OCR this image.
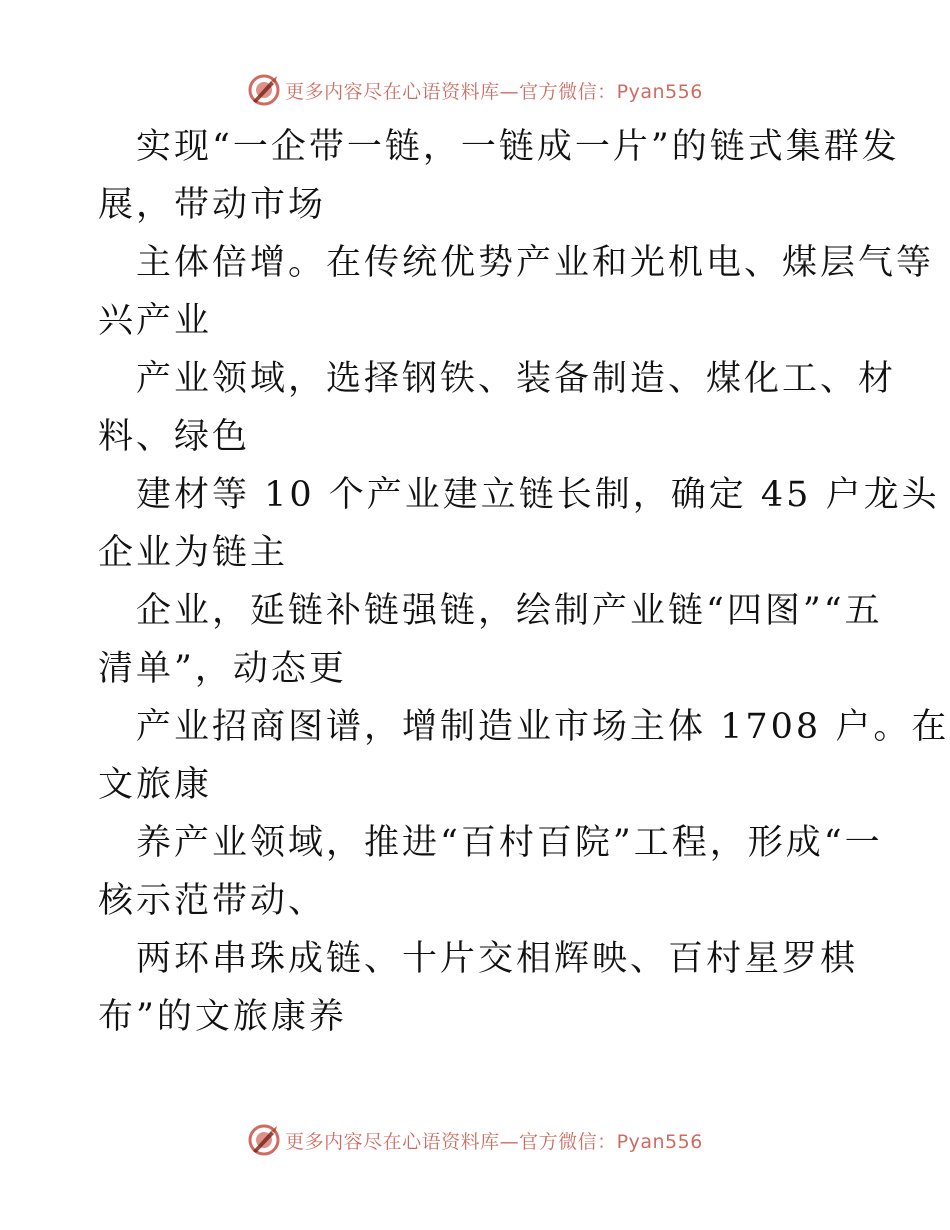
更多内容尽在心语资料库—官方微信：Pyan556
实现“一企带一链，一链成一片”的链式集群发
展，带动市场
主体倍增。在传统优势产业和光机电、煤层气等
兴产业
产业领域，选择钢铁、装备制造、煤化工、材
料、绿色
建材等 10 个产业建立链长制，确定 45 户龙头
企业为链主
企业，延链补链强链，绘制产业链“四图”“五
清单”，动态更
产业招商图谱，增制造业市场主体 1708 户。在
文旅康
养产业领域，推进“百村百院”工程，形成“一
核示范带动、
两环串珠成链、十片交相辉映、百村星罗棋
布”的文旅康养
更多内容尽在心语资料库—官方微信：Pyan556
